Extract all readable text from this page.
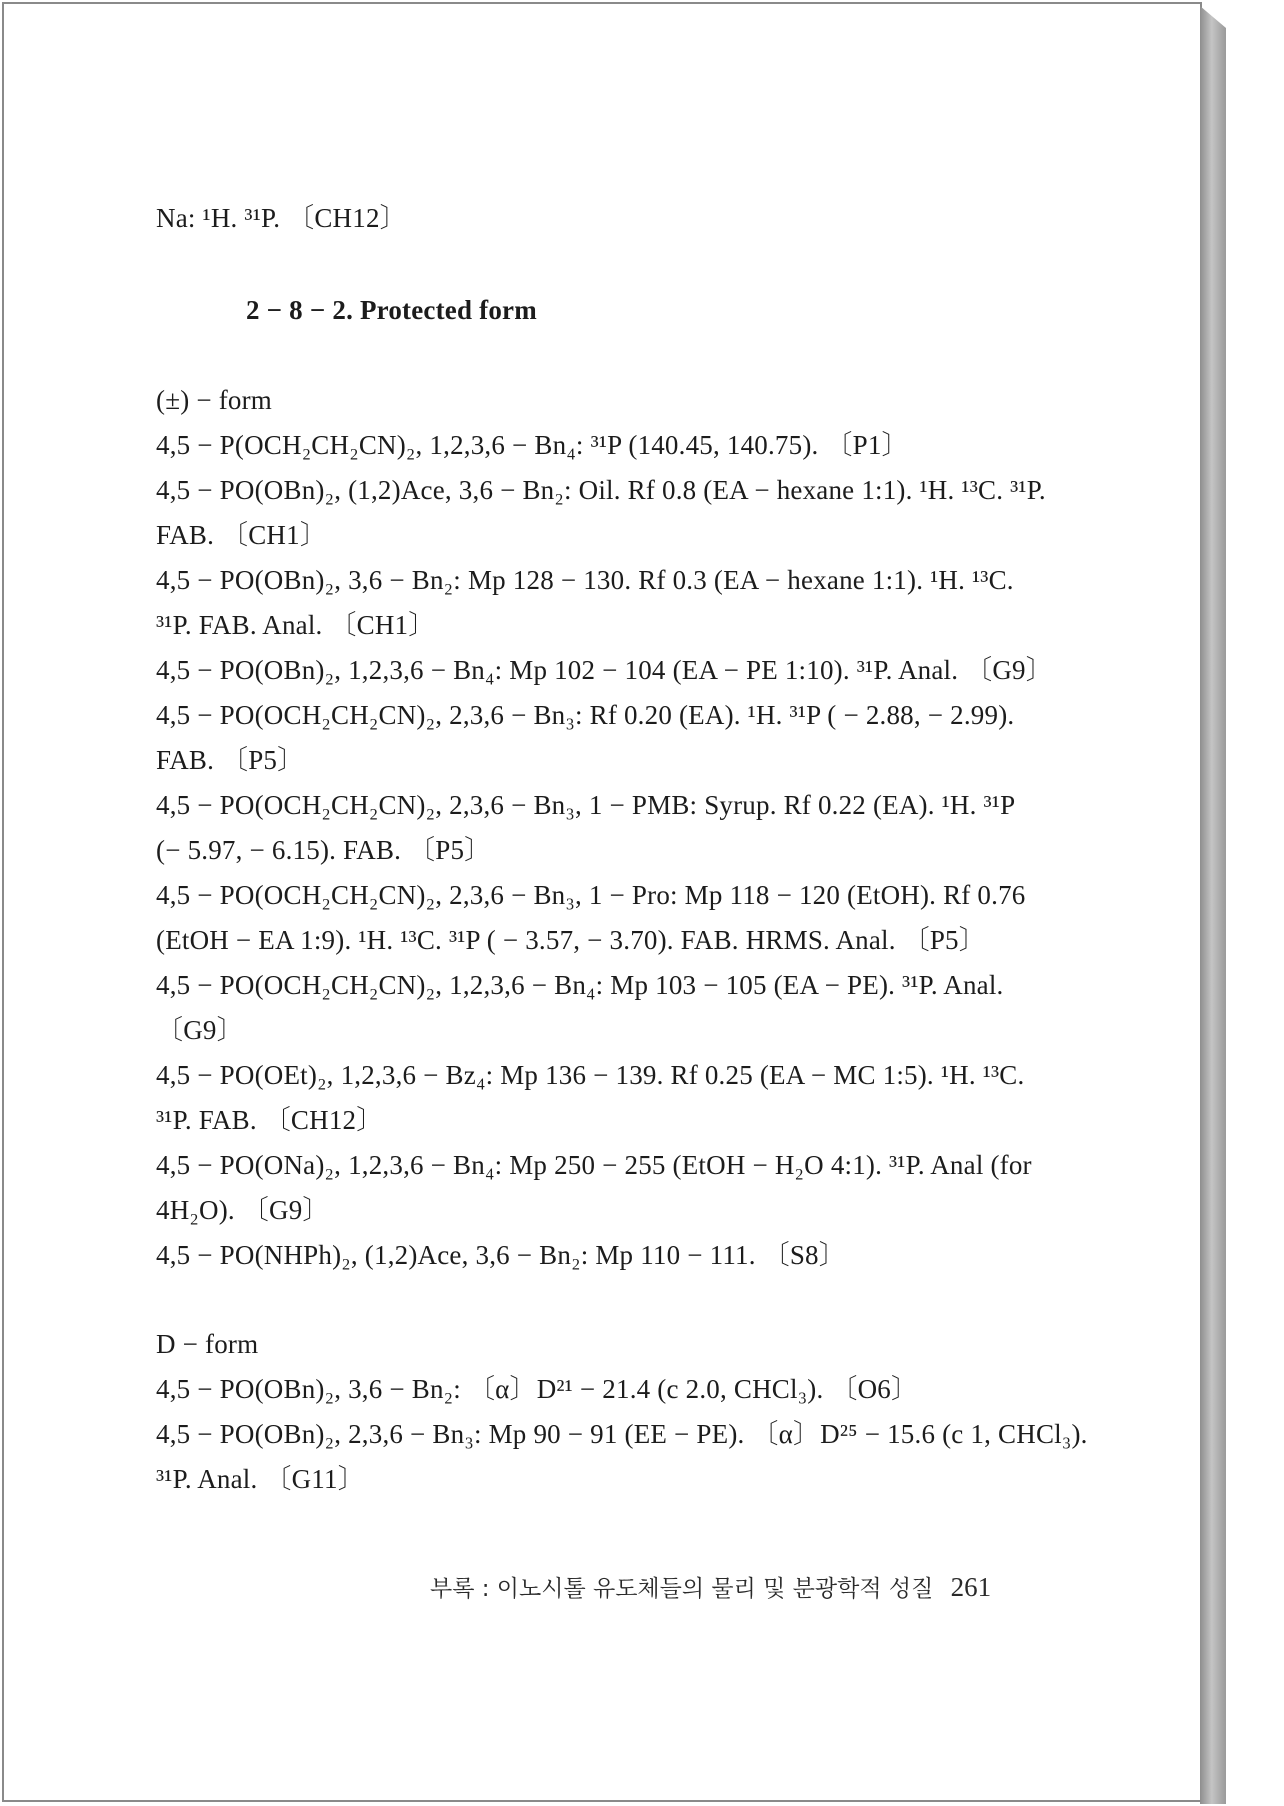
Na: ¹H. ³¹P. 〔CH12〕
2 − 8 − 2. Protected form
(±) − form
4,5 − P(OCH₂CH₂CN)₂, 1,2,3,6 − Bn₄: ³¹P (140.45, 140.75). 〔P1〕
4,5 − PO(OBn)₂, (1,2)Ace, 3,6 − Bn₂: Oil. Rf 0.8 (EA − hexane 1:1). ¹H. ¹³C. ³¹P.
FAB. 〔CH1〕
4,5 − PO(OBn)₂, 3,6 − Bn₂: Mp 128 − 130. Rf 0.3 (EA − hexane 1:1). ¹H. ¹³C.
³¹P. FAB. Anal. 〔CH1〕
4,5 − PO(OBn)₂, 1,2,3,6 − Bn₄: Mp 102 − 104 (EA − PE 1:10). ³¹P. Anal. 〔G9〕
4,5 − PO(OCH₂CH₂CN)₂, 2,3,6 − Bn₃: Rf 0.20 (EA). ¹H. ³¹P ( − 2.88, − 2.99).
FAB. 〔P5〕
4,5 − PO(OCH₂CH₂CN)₂, 2,3,6 − Bn₃, 1 − PMB: Syrup. Rf 0.22 (EA). ¹H. ³¹P
(− 5.97, − 6.15). FAB. 〔P5〕
4,5 − PO(OCH₂CH₂CN)₂, 2,3,6 − Bn₃, 1 − Pro: Mp 118 − 120 (EtOH). Rf 0.76
(EtOH − EA 1:9). ¹H. ¹³C. ³¹P ( − 3.57, − 3.70). FAB. HRMS. Anal. 〔P5〕
4,5 − PO(OCH₂CH₂CN)₂, 1,2,3,6 − Bn₄: Mp 103 − 105 (EA − PE). ³¹P. Anal.
〔G9〕
4,5 − PO(OEt)₂, 1,2,3,6 − Bz₄: Mp 136 − 139. Rf 0.25 (EA − MC 1:5). ¹H. ¹³C.
³¹P. FAB. 〔CH12〕
4,5 − PO(ONa)₂, 1,2,3,6 − Bn₄: Mp 250 − 255 (EtOH − H₂O 4:1). ³¹P. Anal (for
4H₂O). 〔G9〕
4,5 − PO(NHPh)₂, (1,2)Ace, 3,6 − Bn₂: Mp 110 − 111. 〔S8〕
D − form
4,5 − PO(OBn)₂, 3,6 − Bn₂: 〔α〕D²¹ − 21.4 (c 2.0, CHCl₃). 〔O6〕
4,5 − PO(OBn)₂, 2,3,6 − Bn₃: Mp 90 − 91 (EE − PE). 〔α〕D²⁵ − 15.6 (c 1, CHCl₃).
³¹P. Anal. 〔G11〕
부록 : 이노시톨 유도체들의 물리 및 분광학적 성질 261
